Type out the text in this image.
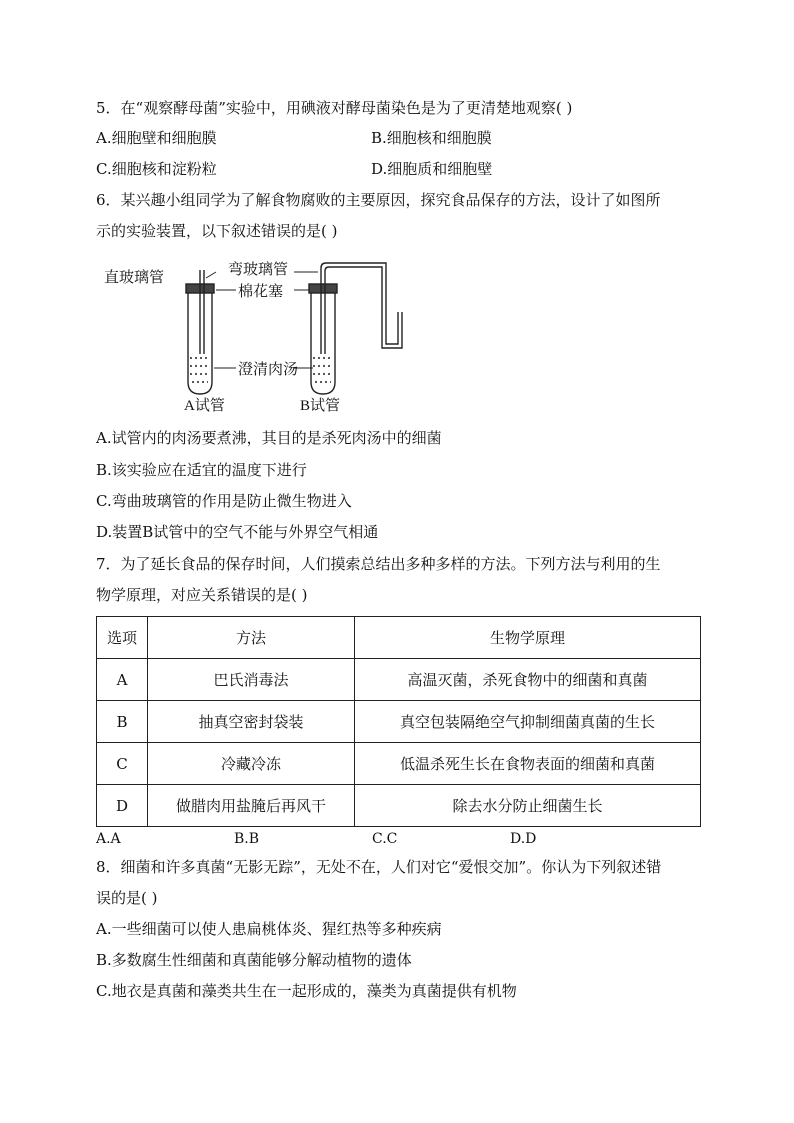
5．在“观察酵母菌”实验中，用碘液对酵母菌染色是为了更清楚地观察( )
A.细胞壁和细胞膜	B.细胞核和细胞膜
C.细胞核和淀粉粒	D.细胞质和细胞壁
6．某兴趣小组同学为了解食物腐败的主要原因，探究食品保存的方法，设计了如图所
示的实验装置，以下叙述错误的是( )
直玻璃管	弯玻璃管
棉花塞
澄清肉汤
A试管	B试管
A.试管内的肉汤要煮沸，其目的是杀死肉汤中的细菌
B.该实验应在适宜的温度下进行
C.弯曲玻璃管的作用是防止微生物进入
D.装置B试管中的空气不能与外界空气相通
7．为了延长食品的保存时间，人们摸索总结出多种多样的方法。下列方法与利用的生
物学原理，对应关系错误的是( )
选项	方法	生物学原理
A	巴氏消毒法	高温灭菌，杀死食物中的细菌和真菌
B	抽真空密封袋装	真空包装隔绝空气抑制细菌真菌的生长
C	冷藏冷冻	低温杀死生长在食物表面的细菌和真菌
D	做腊肉用盐腌后再风干	除去水分防止细菌生长
A.A	B.B	C.C	D.D
8．细菌和许多真菌“无影无踪”，无处不在，人们对它“爱恨交加”。你认为下列叙述错
误的是( )
A.一些细菌可以使人患扁桃体炎、猩红热等多种疾病
B.多数腐生性细菌和真菌能够分解动植物的遗体
C.地衣是真菌和藻类共生在一起形成的，藻类为真菌提供有机物
